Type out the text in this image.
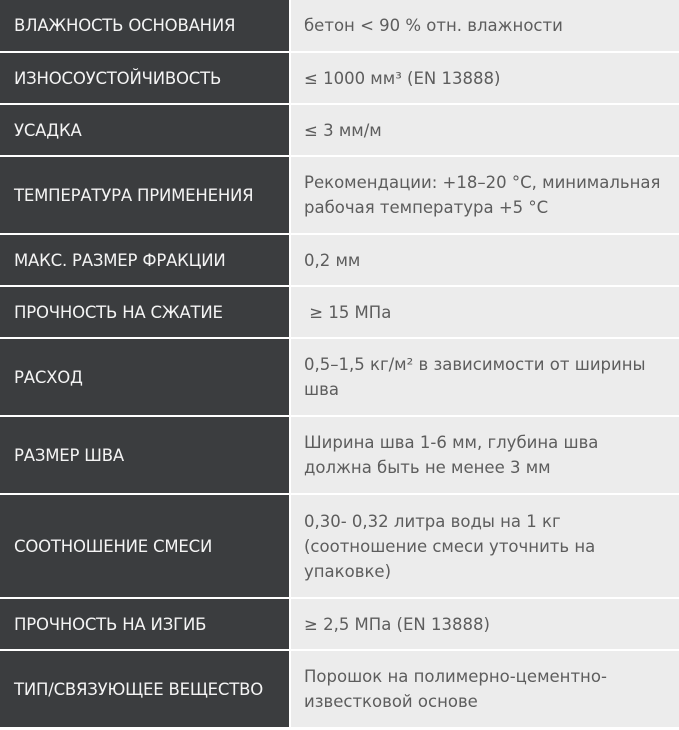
ВЛАЖНОСТЬ ОСНОВАНИЯ	бетон < 90 % отн. влажности
ИЗНОСОУСТОЙЧИВОСТЬ	≤ 1000 мм³ (EN 13888)
УСАДКА	≤ 3 мм/м
ТЕМПЕРАТУРА ПРИМЕНЕНИЯ	Рекомендации: +18–20 °C, минимальная рабочая температура +5 °C
МАКС. РАЗМЕР ФРАКЦИИ	0,2 мм
ПРОЧНОСТЬ НА СЖАТИЕ	≥ 15 МПа
РАСХОД	0,5–1,5 кг/м² в зависимости от ширины шва
РАЗМЕР ШВА	Ширина шва 1-6 мм, глубина шва должна быть не менее 3 мм
СООТНОШЕНИЕ СМЕСИ	0,30- 0,32 литра воды на 1 кг (соотношение смеси уточнить на упаковке)
ПРОЧНОСТЬ НА ИЗГИБ	≥ 2,5 МПа (EN 13888)
ТИП/СВЯЗУЮЩЕЕ ВЕЩЕСТВО	Порошок на полимерно-цементно-известковой основе
